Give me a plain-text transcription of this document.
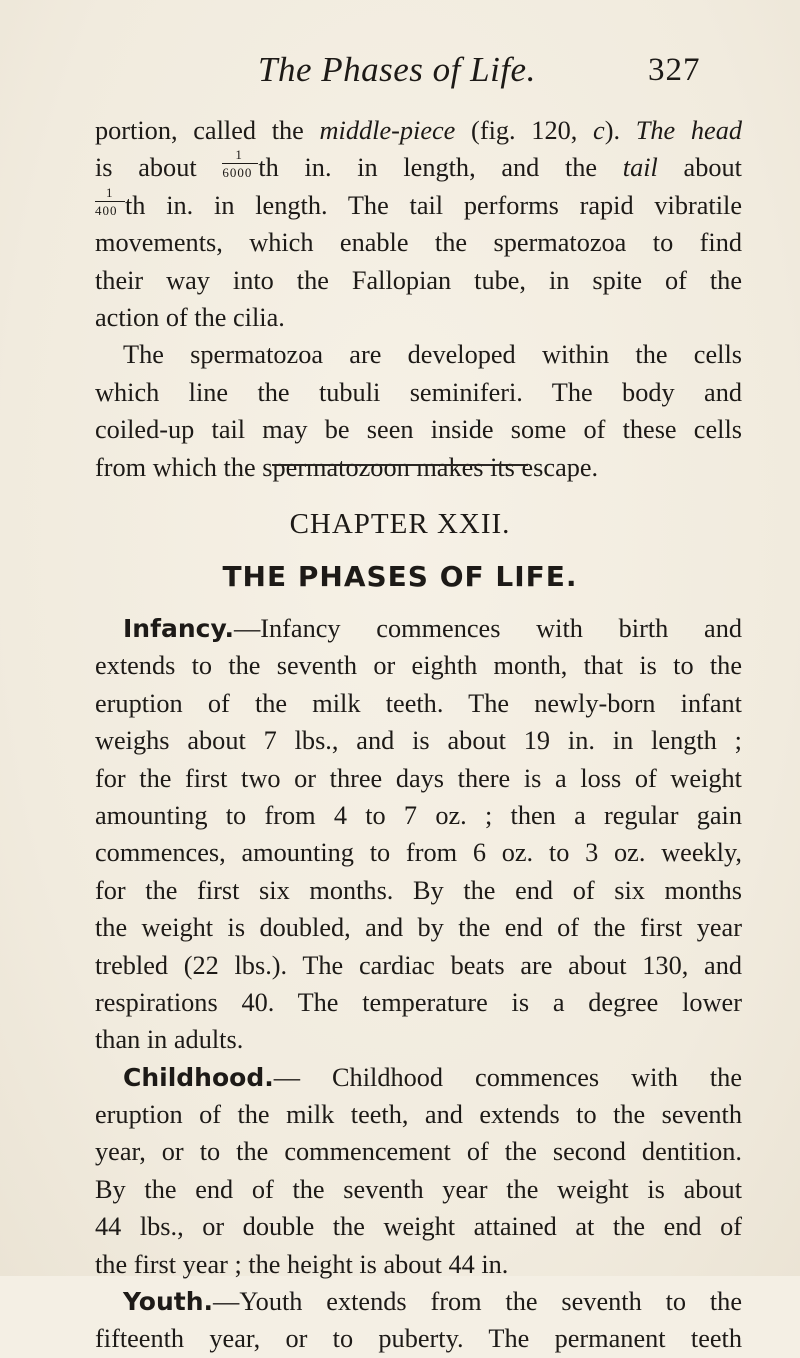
The Phases of Life.	327
portion, called the middle-piece (fig. 120, c). The head
is about $\frac{1}{6000}$ th in. in length, and the tail about
$\frac{1}{400}$ th in. in length. The tail performs rapid vibratile
movements, which enable the spermatozoa to find
their way into the Fallopian tube, in spite of the
action of the cilia.
The spermatozoa are developed within the cells
which line the tubuli seminiferi. The body and
coiled-up tail may be seen inside some of these cells
from which the spermatozoon makes its escape.
CHAPTER XXII.
THE PHASES OF LIFE.
Infancy.—Infancy commences with birth and
extends to the seventh or eighth month, that is to the
eruption of the milk teeth. The newly-born infant
weighs about 7 lbs., and is about 19 in. in length ;
for the first two or three days there is a loss of weight
amounting to from 4 to 7 oz. ; then a regular gain
commences, amounting to from 6 oz. to 3 oz. weekly,
for the first six months. By the end of six months
the weight is doubled, and by the end of the first year
trebled (22 lbs.). The cardiac beats are about 130, and
respirations 40. The temperature is a degree lower
than in adults.
Childhood.— Childhood commences with the
eruption of the milk teeth, and extends to the seventh
year, or to the commencement of the second dentition.
By the end of the seventh year the weight is about
44 lbs., or double the weight attained at the end of
the first year ; the height is about 44 in.
Youth.—Youth extends from the seventh to the
fifteenth year, or to puberty. The permanent teeth
